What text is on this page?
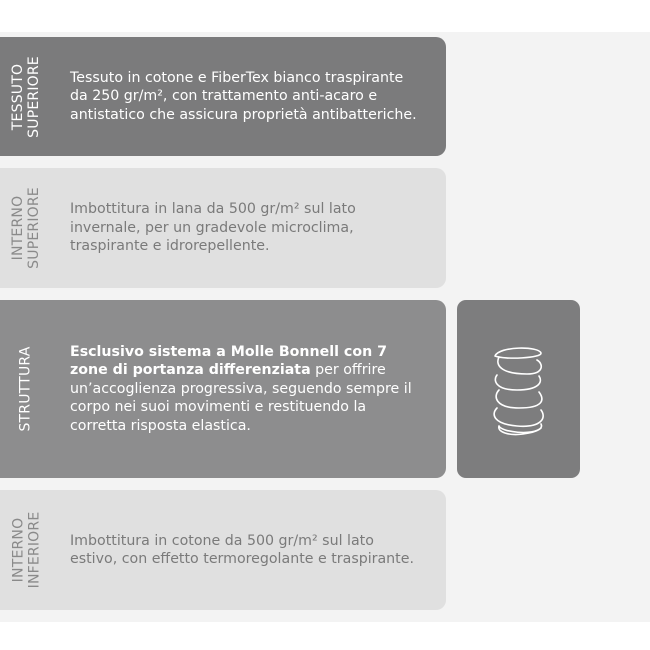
TESSUTO SUPERIORE Tessuto in cotone e FiberTex bianco traspirante da 250 gr/m², con trattamento anti-acaro e antistatico che assicura proprietà antibatteriche.
INTERNO SUPERIORE Imbottitura in lana da 500 gr/m² sul lato invernale, per un gradevole microclima, traspirante e idrorepellente.
STRUTTURA	Esclusivo sistema a Molle Bonnell con 7 zone di portanza differenziata per offrire un’accoglienza progressiva, seguendo sempre il corpo nei suoi movimenti e restituendo la corretta risposta elastica.
INTERNO INFERIORE Imbottitura in cotone da 500 gr/m² sul lato estivo, con effetto termoregolante e traspirante.
